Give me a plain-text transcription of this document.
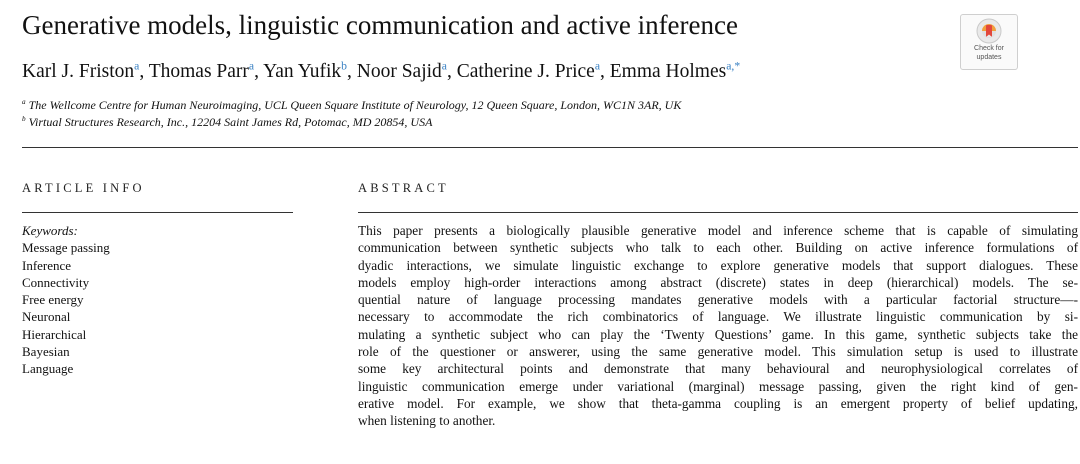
Generative models, linguistic communication and active inference
Karl J. Friston$^a$, Thomas Parr$^a$, Yan Yufik$^b$, Noor Sajid$^a$, Catherine J. Price$^a$, Emma Holmes$^{a,*}$
Check for
updates
$^a$ The Wellcome Centre for Human Neuroimaging, UCL Queen Square Institute of Neurology, 12 Queen Square, London, WC1N 3AR, UK
$^b$ Virtual Structures Research, Inc., 12204 Saint James Rd, Potomac, MD 20854, USA
ARTICLE INFO	ABSTRACT
Keywords:
Message passing
Inference
Connectivity
Free energy
Neuronal
Hierarchical
Bayesian
Language
This paper presents a biologically plausible generative model and inference scheme that is capable of simulating
communication between synthetic subjects who talk to each other. Building on active inference formulations of
dyadic interactions, we simulate linguistic exchange to explore generative models that support dialogues. These
models employ high-order interactions among abstract (discrete) states in deep (hierarchical) models. The se-
quential nature of language processing mandates generative models with a particular factorial structure—-
necessary to accommodate the rich combinatorics of language. We illustrate linguistic communication by si-
mulating a synthetic subject who can play the ‘Twenty Questions’ game. In this game, synthetic subjects take the
role of the questioner or answerer, using the same generative model. This simulation setup is used to illustrate
some key architectural points and demonstrate that many behavioural and neurophysiological correlates of
linguistic communication emerge under variational (marginal) message passing, given the right kind of gen-
erative model. For example, we show that theta-gamma coupling is an emergent property of belief updating,
when listening to another.
